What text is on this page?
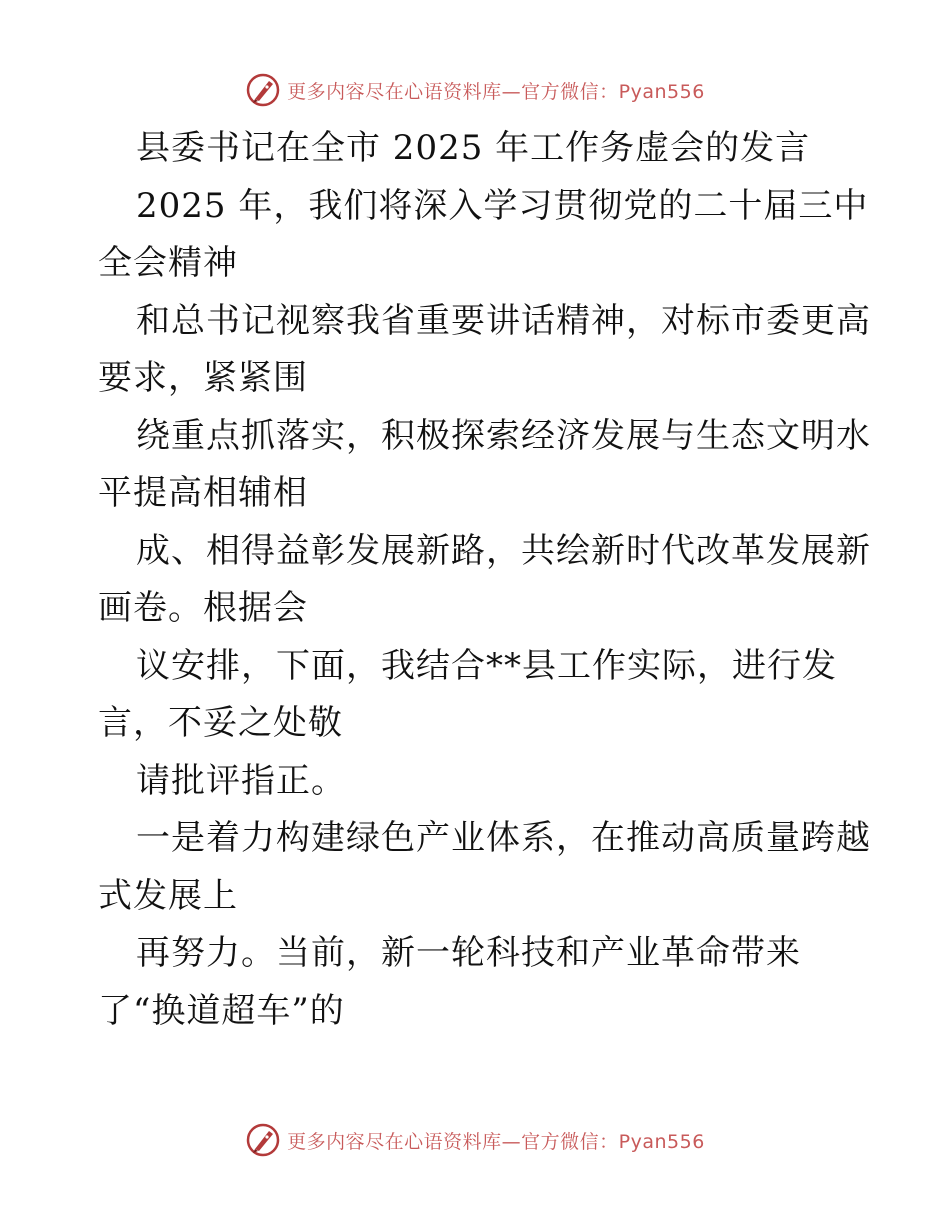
更多内容尽在心语资料库—官方微信：Pyan556
县委书记在全市 2025 年工作务虚会的发言
2025 年，我们将深入学习贯彻党的二十届三中
全会精神
和总书记视察我省重要讲话精神，对标市委更高
要求，紧紧围
绕重点抓落实，积极探索经济发展与生态文明水
平提高相辅相
成、相得益彰发展新路，共绘新时代改革发展新
画卷。根据会
议安排，下面，我结合**县工作实际，进行发
言，不妥之处敬
请批评指正。
一是着力构建绿色产业体系，在推动高质量跨越
式发展上
再努力。当前，新一轮科技和产业革命带来
了“换道超车”的
更多内容尽在心语资料库—官方微信：Pyan556
